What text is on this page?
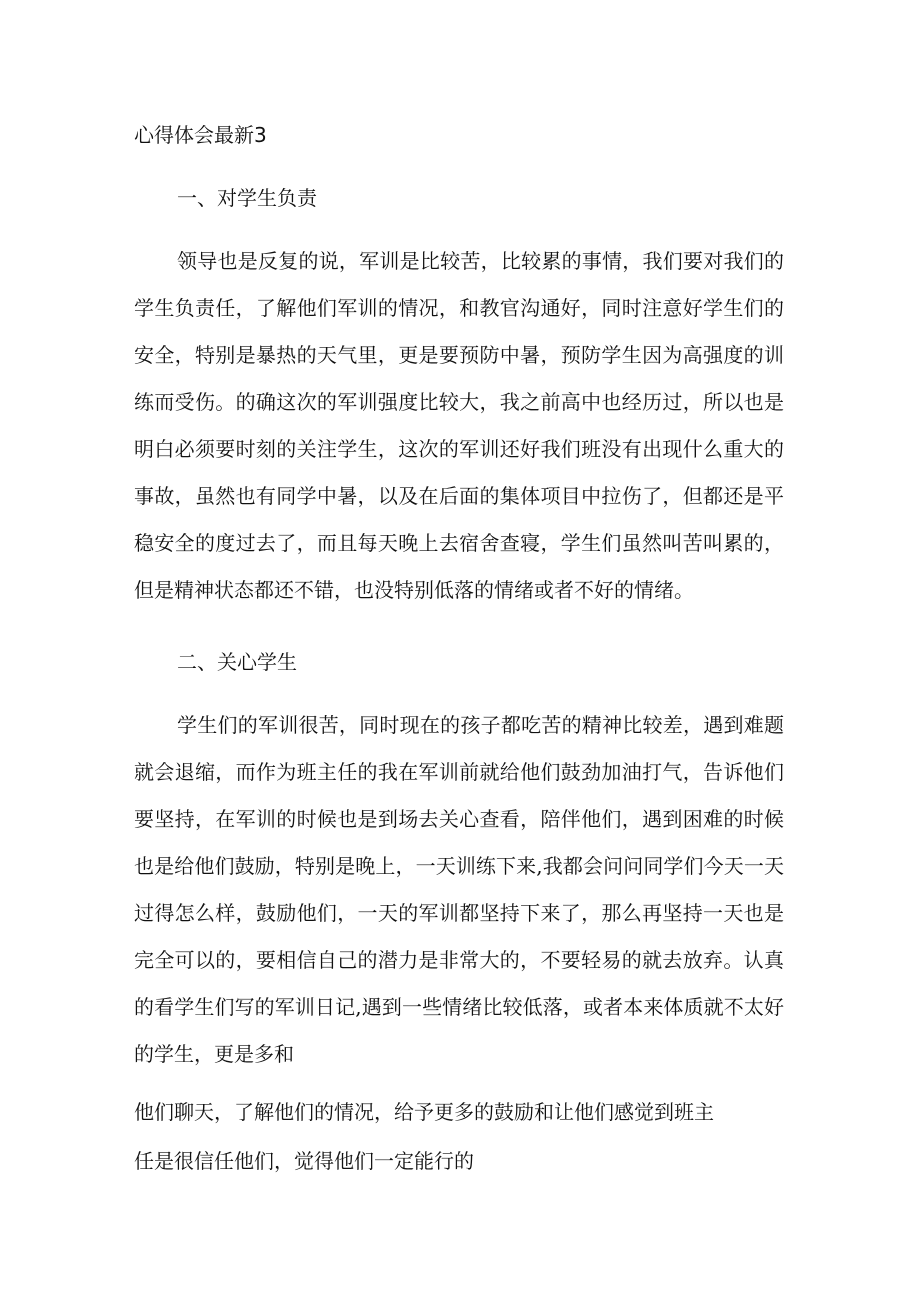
心得体会最新3
一、对学生负责

领导也是反复的说，军训是比较苦，比较累的事情，我们要对我们的学生负责任，了解他们军训的情况，和教官沟通好，同时注意好学生们的安全，特别是暴热的天气里，更是要预防中暑，预防学生因为高强度的训练而受伤。的确这次的军训强度比较大，我之前高中也经历过，所以也是明白必须要时刻的关注学生，这次的军训还好我们班没有出现什么重大的事故，虽然也有同学中暑，以及在后面的集体项目中拉伤了，但都还是平稳安全的度过去了，而且每天晚上去宿舍查寝，学生们虽然叫苦叫累的，但是精神状态都还不错，也没特别低落的情绪或者不好的情绪。

二、关心学生

学生们的军训很苦，同时现在的孩子都吃苦的精神比较差，遇到难题就会退缩，而作为班主任的我在军训前就给他们鼓劲加油打气，告诉他们要坚持，在军训的时候也是到场去关心查看，陪伴他们，遇到困难的时候也是给他们鼓励，特别是晚上，一天训练下来,我都会问问同学们今天一天过得怎么样，鼓励他们，一天的军训都坚持下来了，那么再坚持一天也是完全可以的，要相信自己的潜力是非常大的，不要轻易的就去放弃。认真的看学生们写的军训日记,遇到一些情绪比较低落，或者本来体质就不太好的学生，更是多和

他们聊天，了解他们的情况，给予更多的鼓励和让他们感觉到班主
任是很信任他们，觉得他们一定能行的
